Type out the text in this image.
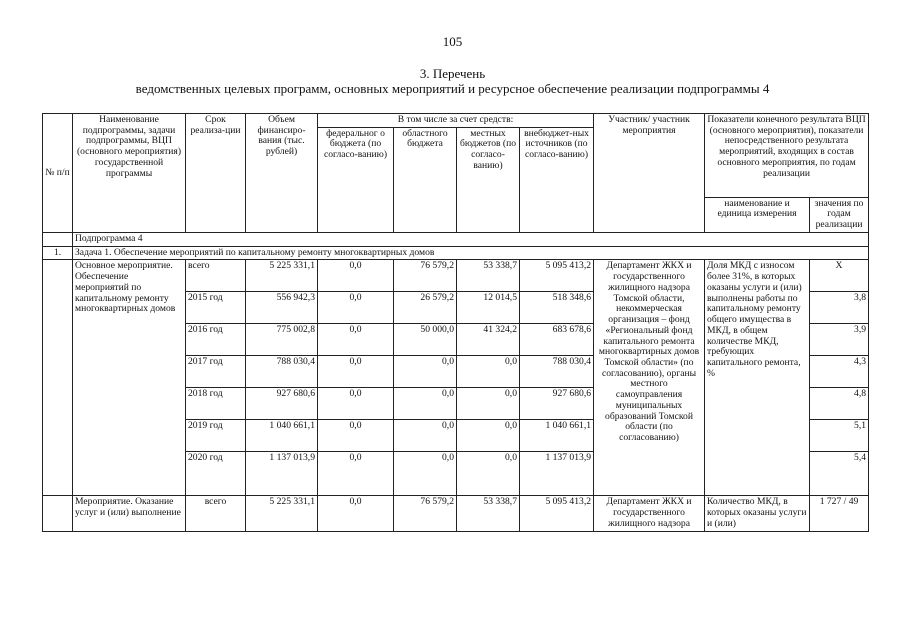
105
3. Перечень
ведомственных целевых программ, основных мероприятий и ресурсное обеспечение реализации подпрограммы 4
№ п/п	Наименование подпрограммы, задачи подпрограммы, ВЦП (основного мероприятия) государственной программы	Срок реализа-ции	Объем финансиро-вания (тыс. рублей)	В том числе за счет средств:				Участник/ участник мероприятия	Показатели конечного результата ВЦП (основного мероприятия), показатели непосредственного результата мероприятий, входящих в состав основного мероприятия, по годам реализации	
				федеральног о бюджета (по согласо-ванию)	областного бюджета	местных бюджетов (по согласо-ванию)	внебюджет-ных источников (по согласо-ванию)			
									наименование и единица измерения	значения по годам реализации
	Подпрограмма 4									
1.	Задача 1. Обеспечение мероприятий по капитальному ремонту многоквартирных домов									
	Основное мероприятие. Обеспечение мероприятий по капитальному ремонту многоквартирных домов	всего	5 225 331,1	0,0	76 579,2	53 338,7	5 095 413,2	Департамент ЖКХ и государственного жилищного надзора Томской области, некоммерческая организация – фонд «Региональный фонд капитального ремонта многоквартирных домов Томской области» (по согласованию), органы местного самоуправления муниципальных образований Томской области (по согласованию)	Доля МКД с износом более 31%, в которых оказаны услуги и (или) выполнены работы по капитальному ремонту общего имущества в МКД, в общем количестве МКД, требующих капитального ремонта, %	X
		2015 год	556 942,3	0,0	26 579,2	12 014,5	518 348,6			3,8
		2016 год	775 002,8	0,0	50 000,0	41 324,2	683 678,6			3,9
		2017 год	788 030,4	0,0	0,0	0,0	788 030,4			4,3
		2018 год	927 680,6	0,0	0,0	0,0	927 680,6			4,8
		2019 год	1 040 661,1	0,0	0,0	0,0	1 040 661,1			5,1
		2020 год	1 137 013,9	0,0	0,0	0,0	1 137 013,9			5,4
	Мероприятие. Оказание услуг и (или) выполнение	всего	5 225 331,1	0,0	76 579,2	53 338,7	5 095 413,2	Департамент ЖКХ и государственного жилищного надзора	Количество МКД, в которых оказаны услуги и (или)	1 727 / 49
